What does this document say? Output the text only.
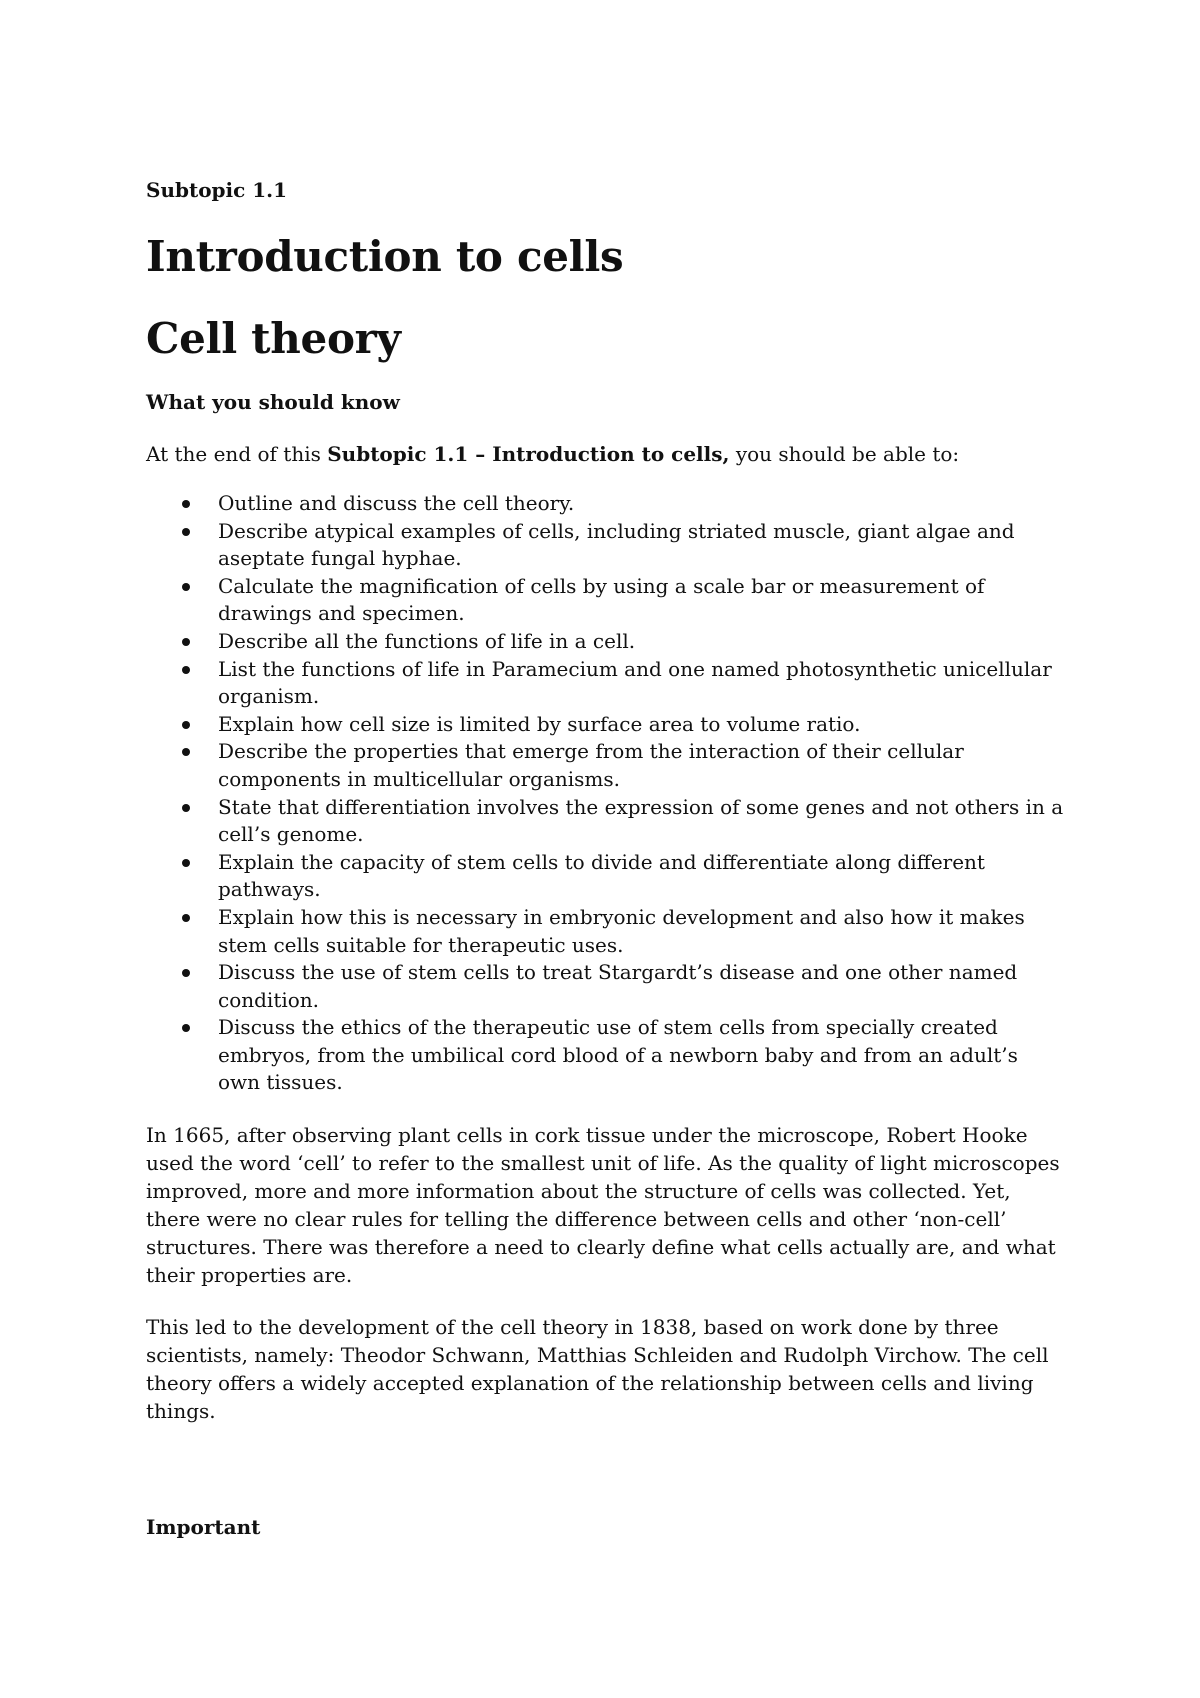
Subtopic 1.1

Introduction to cells
Cell theory
What you should know

At the end of this Subtopic 1.1 – Introduction to cells, you should be able to:

Outline and discuss the cell theory.
Describe atypical examples of cells, including striated muscle, giant algae and aseptate fungal hyphae.
Calculate the magnification of cells by using a scale bar or measurement of drawings and specimen.
Describe all the functions of life in a cell.
List the functions of life in Paramecium and one named photosynthetic unicellular organism.
Explain how cell size is limited by surface area to volume ratio.
Describe the properties that emerge from the interaction of their cellular components in multicellular organisms.
State that differentiation involves the expression of some genes and not others in a cell’s genome.
Explain the capacity of stem cells to divide and differentiate along different pathways.
Explain how this is necessary in embryonic development and also how it makes stem cells suitable for therapeutic uses.
Discuss the use of stem cells to treat Stargardt’s disease and one other named condition.
Discuss the ethics of the therapeutic use of stem cells from specially created embryos, from the umbilical cord blood of a newborn baby and from an adult’s own tissues.

In 1665, after observing plant cells in cork tissue under the microscope, Robert Hooke used the word ‘cell’ to refer to the smallest unit of life. As the quality of light microscopes improved, more and more information about the structure of cells was collected. Yet, there were no clear rules for telling the difference between cells and other ‘non-cell’ structures. There was therefore a need to clearly define what cells actually are, and what their properties are.

This led to the development of the cell theory in 1838, based on work done by three scientists, namely: Theodor Schwann, Matthias Schleiden and Rudolph Virchow. The cell theory offers a widely accepted explanation of the relationship between cells and living things.

Important
